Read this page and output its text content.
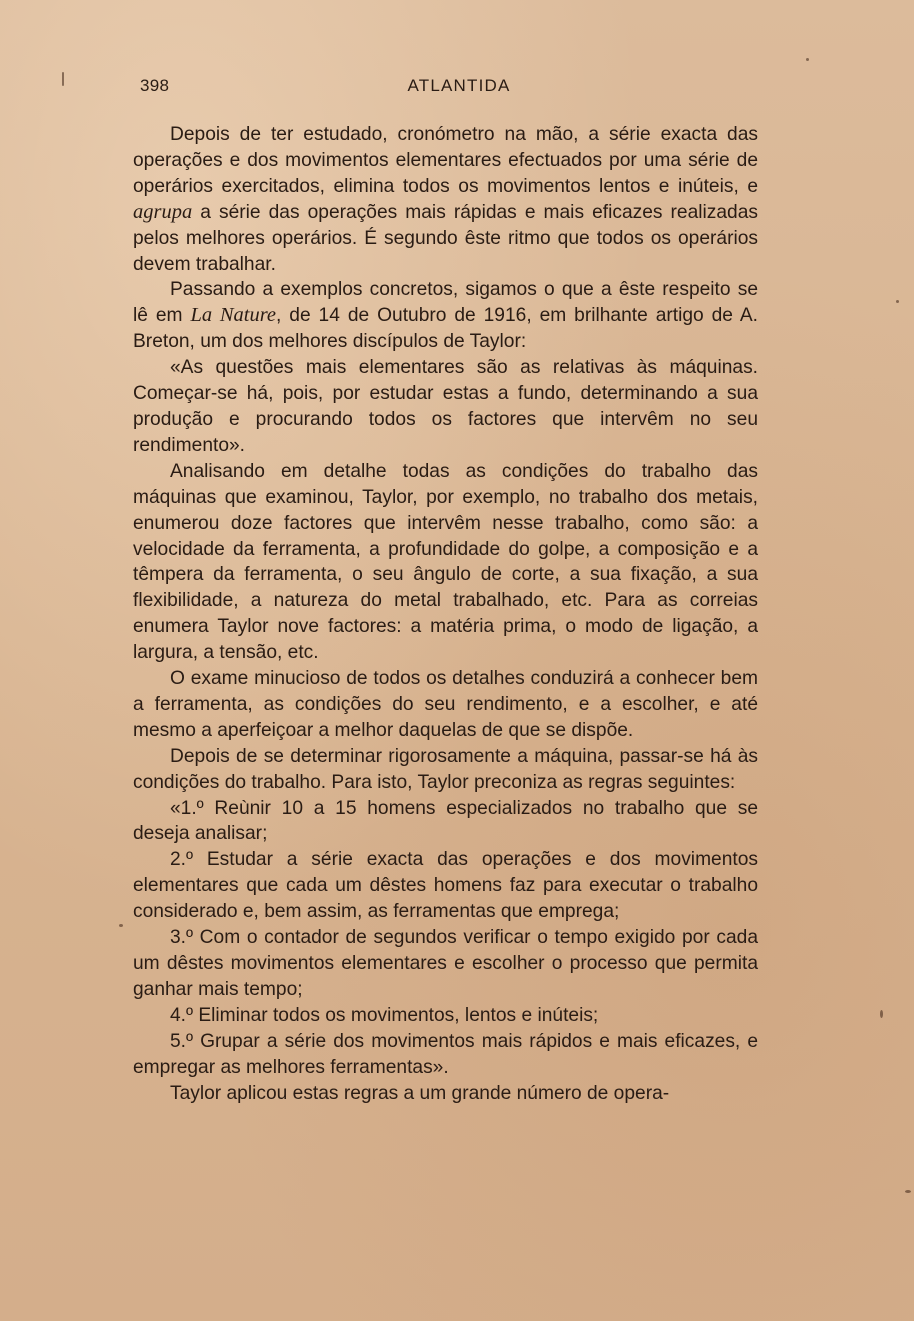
398	ATLANTIDA

Depois de ter estudado, cronómetro na mão, a série exacta das operações e dos movimentos elementares efectuados por uma série de operários exercitados, elimina todos os movimentos lentos e inúteis, e agrupa a série das operações mais rápidas e mais eficazes realizadas pelos melhores operários. É segundo êste ritmo que todos os operários devem trabalhar.

Passando a exemplos concretos, sigamos o que a êste respeito se lê em La Nature, de 14 de Outubro de 1916, em brilhante artigo de A. Breton, um dos melhores discípulos de Taylor:

«As questões mais elementares são as relativas às máquinas. Começar-se há, pois, por estudar estas a fundo, determinando a sua produção e procurando todos os factores que intervêm no seu rendimento».

Analisando em detalhe todas as condições do trabalho das máquinas que examinou, Taylor, por exemplo, no trabalho dos metais, enumerou doze factores que intervêm nesse trabalho, como são: a velocidade da ferramenta, a profundidade do golpe, a composição e a têmpera da ferramenta, o seu ângulo de corte, a sua fixação, a sua flexibilidade, a natureza do metal trabalhado, etc. Para as correias enumera Taylor nove factores: a matéria prima, o modo de ligação, a largura, a tensão, etc.

O exame minucioso de todos os detalhes conduzirá a conhecer bem a ferramenta, as condições do seu rendimento, e a escolher, e até mesmo a aperfeiçoar a melhor daquelas de que se dispõe.

Depois de se determinar rigorosamente a máquina, passar-se há às condições do trabalho. Para isto, Taylor preconiza as regras seguintes:

«1.º Reùnir 10 a 15 homens especializados no trabalho que se deseja analisar;

2.º Estudar a série exacta das operações e dos movimentos elementares que cada um dêstes homens faz para executar o trabalho considerado e, bem assim, as ferramentas que emprega;

3.º Com o contador de segundos verificar o tempo exigido por cada um dêstes movimentos elementares e escolher o processo que permita ganhar mais tempo;

4.º Eliminar todos os movimentos, lentos e inúteis;

5.º Grupar a série dos movimentos mais rápidos e mais eficazes, e empregar as melhores ferramentas».

Taylor aplicou estas regras a um grande número de opera-
